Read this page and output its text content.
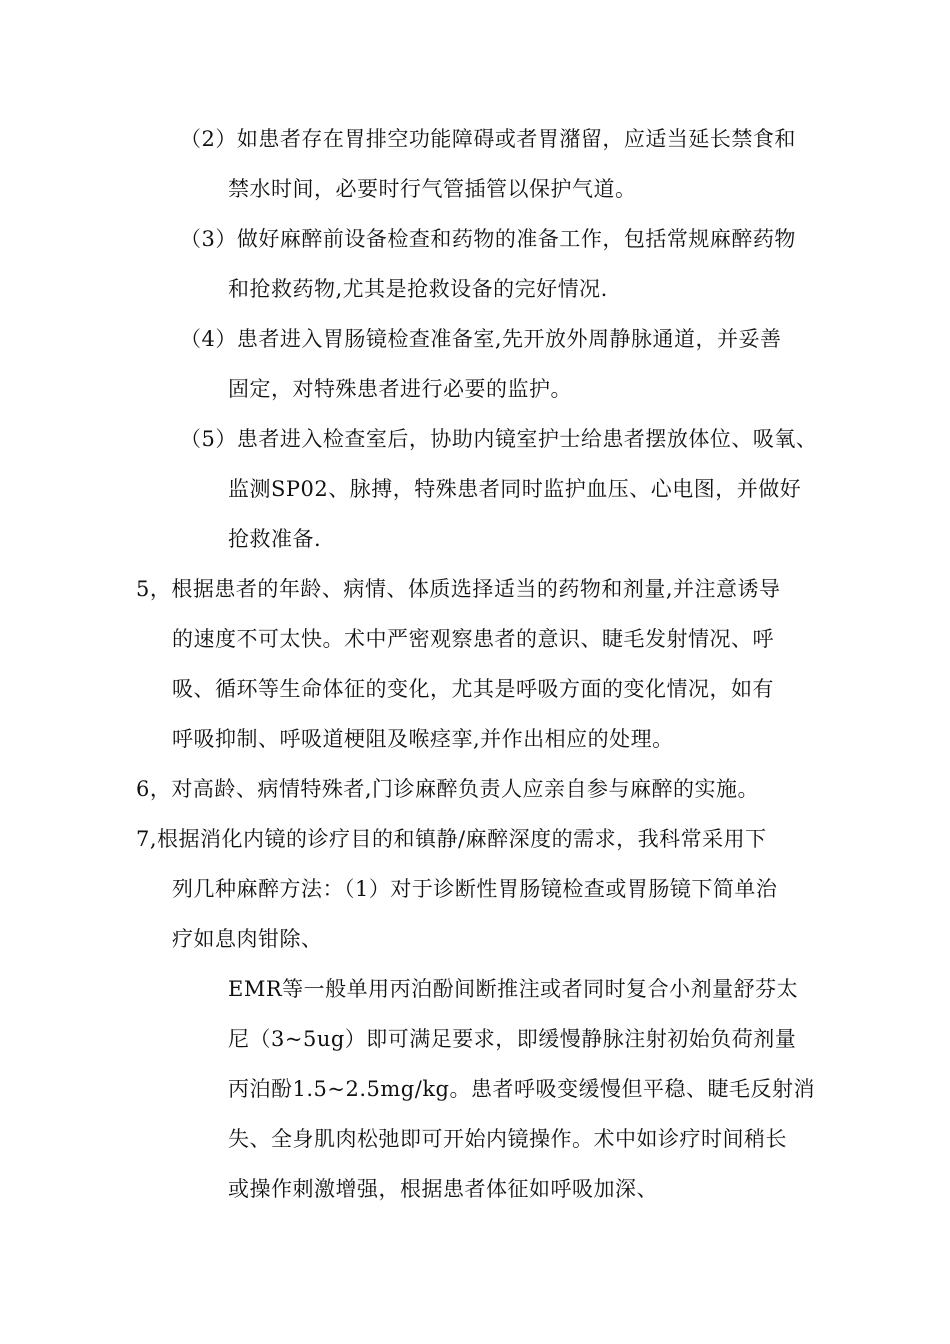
（2）如患者存在胃排空功能障碍或者胃潴留，应适当延长禁食和
禁水时间，必要时行气管插管以保护气道。
（3）做好麻醉前设备检查和药物的准备工作，包括常规麻醉药物
和抢救药物,尤其是抢救设备的完好情况.
（4）患者进入胃肠镜检查准备室,先开放外周静脉通道，并妥善
固定，对特殊患者进行必要的监护。
（5）患者进入检查室后，协助内镜室护士给患者摆放体位、吸氧、
监测SP02、脉搏，特殊患者同时监护血压、心电图，并做好
抢救准备.
5，根据患者的年龄、病情、体质选择适当的药物和剂量,并注意诱导
的速度不可太快。术中严密观察患者的意识、睫毛发射情况、呼
吸、循环等生命体征的变化，尤其是呼吸方面的变化情况，如有
呼吸抑制、呼吸道梗阻及喉痉挛,并作出相应的处理。
6，对高龄、病情特殊者,门诊麻醉负责人应亲自参与麻醉的实施。
7,根据消化内镜的诊疗目的和镇静/麻醉深度的需求，我科常采用下
列几种麻醉方法：（1）对于诊断性胃肠镜检查或胃肠镜下简单治
疗如息肉钳除、
EMR等一般单用丙泊酚间断推注或者同时复合小剂量舒芬太
尼（3~5ug）即可满足要求，即缓慢静脉注射初始负荷剂量
丙泊酚1.5~2.5mg/kg。患者呼吸变缓慢但平稳、睫毛反射消
失、全身肌肉松弛即可开始内镜操作。术中如诊疗时间稍长
或操作刺激增强，根据患者体征如呼吸加深、
